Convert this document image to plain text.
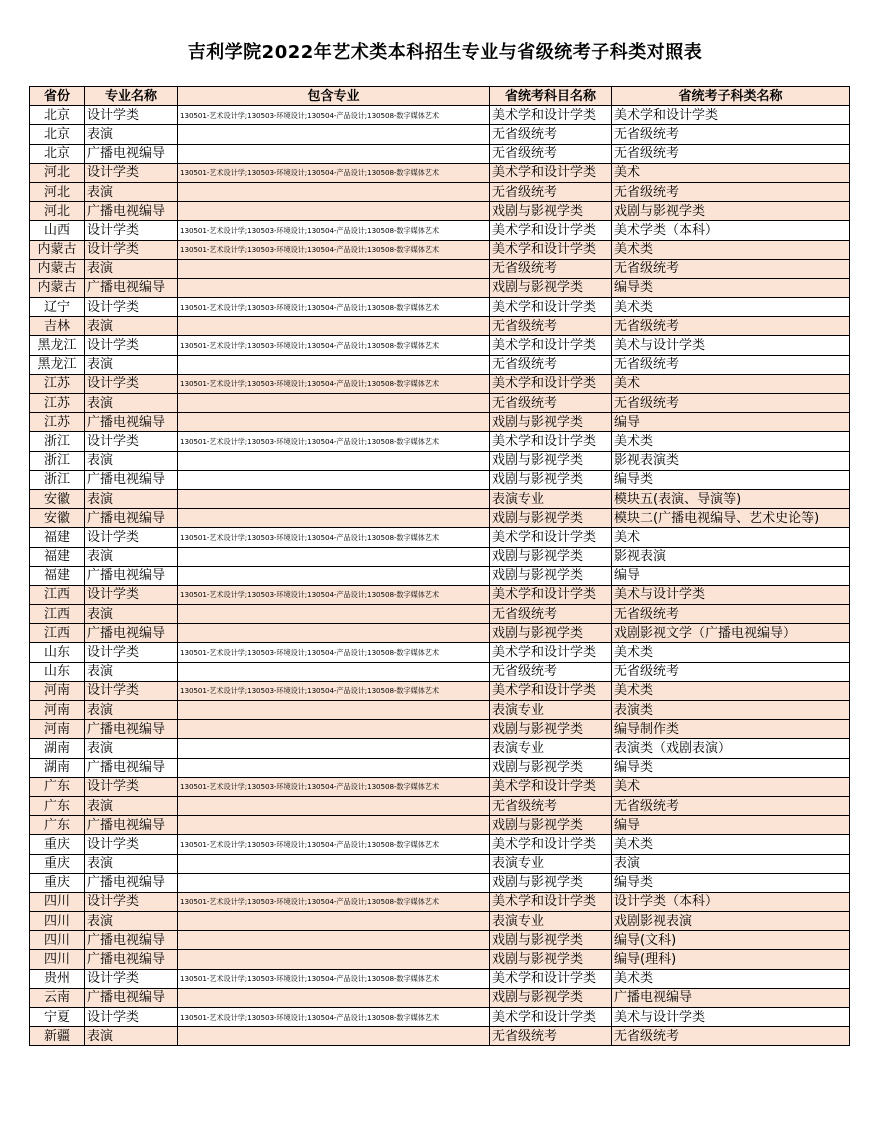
吉利学院2022年艺术类本科招生专业与省级统考子科类对照表
省份	专业名称	包含专业	省统考科目名称	省统考子科类名称
北京	设计学类	130501-艺术设计学;130503-环境设计;130504-产品设计;130508-数字媒体艺术	美术学和设计学类	美术学和设计学类
北京	表演		无省级统考	无省级统考
北京	广播电视编导		无省级统考	无省级统考
河北	设计学类	130501-艺术设计学;130503-环境设计;130504-产品设计;130508-数字媒体艺术	美术学和设计学类	美术
河北	表演		无省级统考	无省级统考
河北	广播电视编导		戏剧与影视学类	戏剧与影视学类
山西	设计学类	130501-艺术设计学;130503-环境设计;130504-产品设计;130508-数字媒体艺术	美术学和设计学类	美术学类（本科）
内蒙古	设计学类	130501-艺术设计学;130503-环境设计;130504-产品设计;130508-数字媒体艺术	美术学和设计学类	美术类
内蒙古	表演		无省级统考	无省级统考
内蒙古	广播电视编导		戏剧与影视学类	编导类
辽宁	设计学类	130501-艺术设计学;130503-环境设计;130504-产品设计;130508-数字媒体艺术	美术学和设计学类	美术类
吉林	表演		无省级统考	无省级统考
黑龙江	设计学类	130501-艺术设计学;130503-环境设计;130504-产品设计;130508-数字媒体艺术	美术学和设计学类	美术与设计学类
黑龙江	表演		无省级统考	无省级统考
江苏	设计学类	130501-艺术设计学;130503-环境设计;130504-产品设计;130508-数字媒体艺术	美术学和设计学类	美术
江苏	表演		无省级统考	无省级统考
江苏	广播电视编导		戏剧与影视学类	编导
浙江	设计学类	130501-艺术设计学;130503-环境设计;130504-产品设计;130508-数字媒体艺术	美术学和设计学类	美术类
浙江	表演		戏剧与影视学类	影视表演类
浙江	广播电视编导		戏剧与影视学类	编导类
安徽	表演		表演专业	模块五(表演、导演等)
安徽	广播电视编导		戏剧与影视学类	模块二(广播电视编导、艺术史论等)
福建	设计学类	130501-艺术设计学;130503-环境设计;130504-产品设计;130508-数字媒体艺术	美术学和设计学类	美术
福建	表演		戏剧与影视学类	影视表演
福建	广播电视编导		戏剧与影视学类	编导
江西	设计学类	130501-艺术设计学;130503-环境设计;130504-产品设计;130508-数字媒体艺术	美术学和设计学类	美术与设计学类
江西	表演		无省级统考	无省级统考
江西	广播电视编导		戏剧与影视学类	戏剧影视文学（广播电视编导）
山东	设计学类	130501-艺术设计学;130503-环境设计;130504-产品设计;130508-数字媒体艺术	美术学和设计学类	美术类
山东	表演		无省级统考	无省级统考
河南	设计学类	130501-艺术设计学;130503-环境设计;130504-产品设计;130508-数字媒体艺术	美术学和设计学类	美术类
河南	表演		表演专业	表演类
河南	广播电视编导		戏剧与影视学类	编导制作类
湖南	表演		表演专业	表演类（戏剧表演）
湖南	广播电视编导		戏剧与影视学类	编导类
广东	设计学类	130501-艺术设计学;130503-环境设计;130504-产品设计;130508-数字媒体艺术	美术学和设计学类	美术
广东	表演		无省级统考	无省级统考
广东	广播电视编导		戏剧与影视学类	编导
重庆	设计学类	130501-艺术设计学;130503-环境设计;130504-产品设计;130508-数字媒体艺术	美术学和设计学类	美术类
重庆	表演		表演专业	表演
重庆	广播电视编导		戏剧与影视学类	编导类
四川	设计学类	130501-艺术设计学;130503-环境设计;130504-产品设计;130508-数字媒体艺术	美术学和设计学类	设计学类（本科）
四川	表演		表演专业	戏剧影视表演
四川	广播电视编导		戏剧与影视学类	编导(文科)
四川	广播电视编导		戏剧与影视学类	编导(理科)
贵州	设计学类	130501-艺术设计学;130503-环境设计;130504-产品设计;130508-数字媒体艺术	美术学和设计学类	美术类
云南	广播电视编导		戏剧与影视学类	广播电视编导
宁夏	设计学类	130501-艺术设计学;130503-环境设计;130504-产品设计;130508-数字媒体艺术	美术学和设计学类	美术与设计学类
新疆	表演		无省级统考	无省级统考
